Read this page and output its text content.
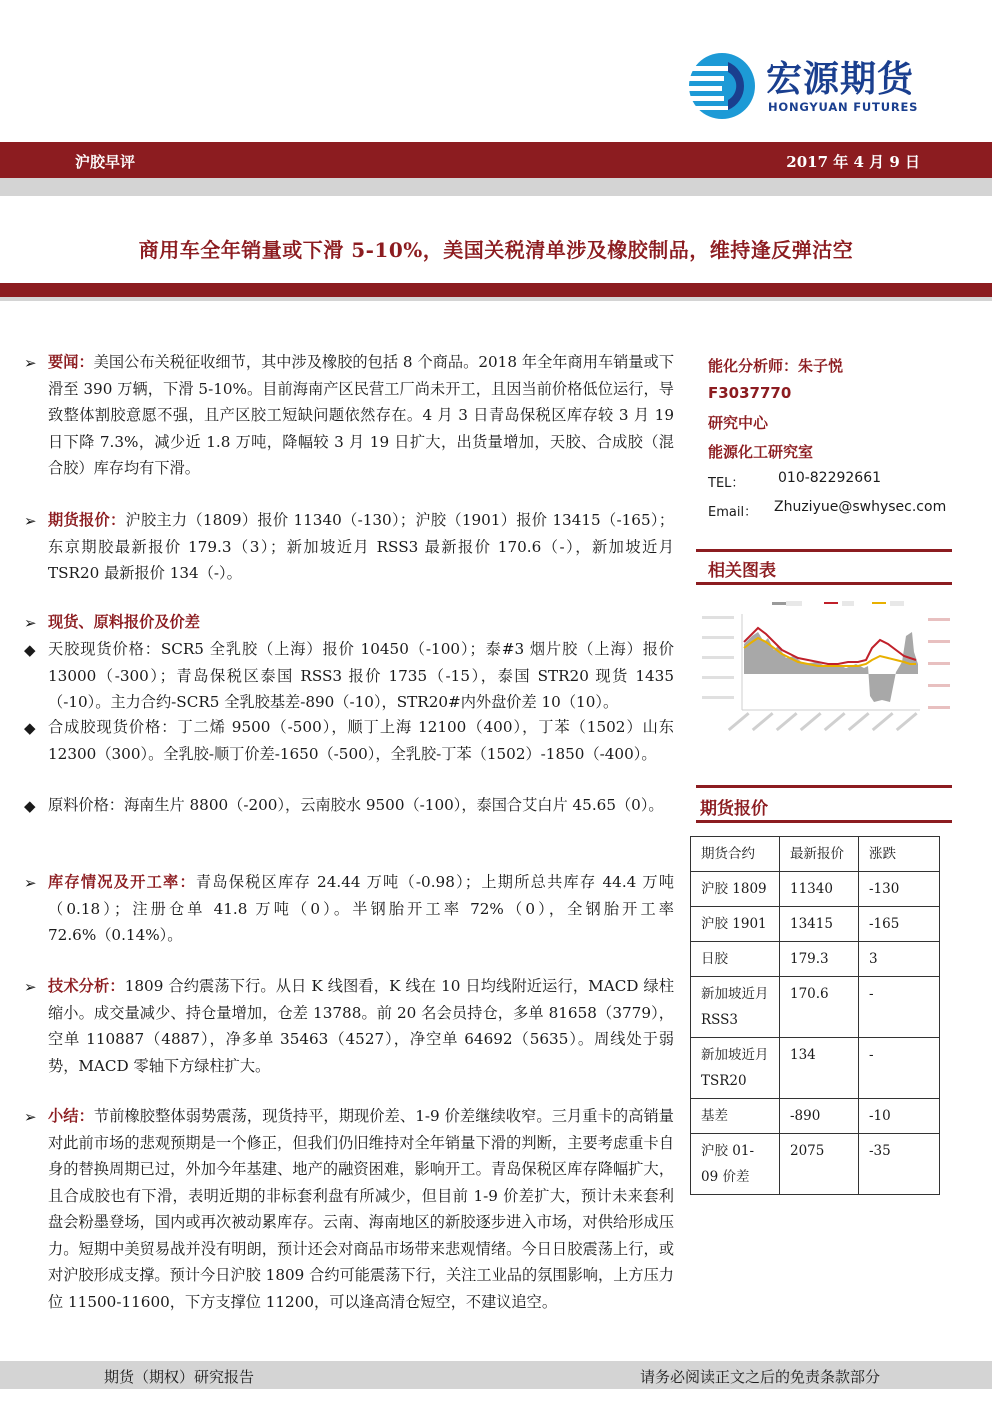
宏源期货
HONGYUAN FUTURES
沪胶早评	2017 年 4 月 9 日
商用车全年销量或下滑 5-10%，美国关税清单涉及橡胶制品，维持逢反弹沽空
➢ 要闻：美国公布关税征收细节，其中涉及橡胶的包括 8 个商品。2018 年全年商用车销量或下滑至 390 万辆，下滑 5-10%。目前海南产区民营工厂尚未开工，且因当前价格低位运行，导致整体割胶意愿不强，且产区胶工短缺问题依然存在。4 月 3 日青岛保税区库存较 3 月 19 日下降 7.3%，减少近 1.8 万吨，降幅较 3 月 19 日扩大，出货量增加，天胶、合成胶（混合胶）库存均有下滑。
➢ 期货报价：沪胶主力（1809）报价 11340（-130）；沪胶（1901）报价 13415（-165）；东京期胶最新报价 179.3（3）；新加坡近月 RSS3 最新报价 170.6（-），新加坡近月 TSR20 最新报价 134（-）。
➢ 现货、原料报价及价差
◆ 天胶现货价格：SCR5 全乳胶（上海）报价 10450（-100）；泰#3 烟片胶（上海）报价 13000（-300）；青岛保税区泰国 RSS3 报价 1735（-15），泰国 STR20 现货 1435（-10）。主力合约-SCR5 全乳胶基差-890（-10），STR20#内外盘价差 10（10）。
◆ 合成胶现货价格：丁二烯 9500（-500），顺丁上海 12100（400），丁苯（1502）山东 12300（300）。全乳胶-顺丁价差-1650（-500），全乳胶-丁苯（1502）-1850（-400）。
◆ 原料价格：海南生片 8800（-200），云南胶水 9500（-100），泰国合艾白片 45.65（0）。
➢ 库存情况及开工率：青岛保税区库存 24.44 万吨（-0.98）；上期所总共库存 44.4 万吨（0.18）；注册仓单 41.8 万吨（0）。半钢胎开工率 72%（0），全钢胎开工率 72.6%（0.14%）。
➢ 技术分析：1809 合约震荡下行。从日 K 线图看，K 线在 10 日均线附近运行，MACD 绿柱缩小。成交量减少、持仓量增加，仓差 13788。前 20 名会员持仓，多单 81658（3779），空单 110887（4887），净多单 35463（4527），净空单 64692（5635）。周线处于弱势，MACD 零轴下方绿柱扩大。
➢ 小结：节前橡胶整体弱势震荡，现货持平，期现价差、1-9 价差继续收窄。三月重卡的高销量对此前市场的悲观预期是一个修正，但我们仍旧维持对全年销量下滑的判断，主要考虑重卡自身的替换周期已过，外加今年基建、地产的融资困难，影响开工。青岛保税区库存降幅扩大，且合成胶也有下滑，表明近期的非标套利盘有所减少，但目前 1-9 价差扩大，预计未来套利盘会粉墨登场，国内或再次被动累库存。云南、海南地区的新胶逐步进入市场，对供给形成压力。短期中美贸易战并没有明朗，预计还会对商品市场带来悲观情绪。今日日胶震荡上行，或对沪胶形成支撑。预计今日沪胶 1809 合约可能震荡下行，关注工业品的氛围影响，上方压力位 11500-11600，下方支撑位 11200，可以逢高清仓短空，不建议追空。
能化分析师：朱子悦
F3037770
研究中心
能源化工研究室
TEL： 010-82292661
Email： Zhuziyue@swhysec.com
相关图表
期货报价
期货合约	最新报价	涨跌
沪胶 1809	11340	-130
沪胶 1901	13415	-165
日胶	179.3	3
新加坡近月 RSS3	170.6	-
新加坡近月 TSR20	134	-
基差	-890	-10
沪胶 01-09 价差	2075	-35
期货（期权）研究报告	请务必阅读正文之后的免责条款部分
